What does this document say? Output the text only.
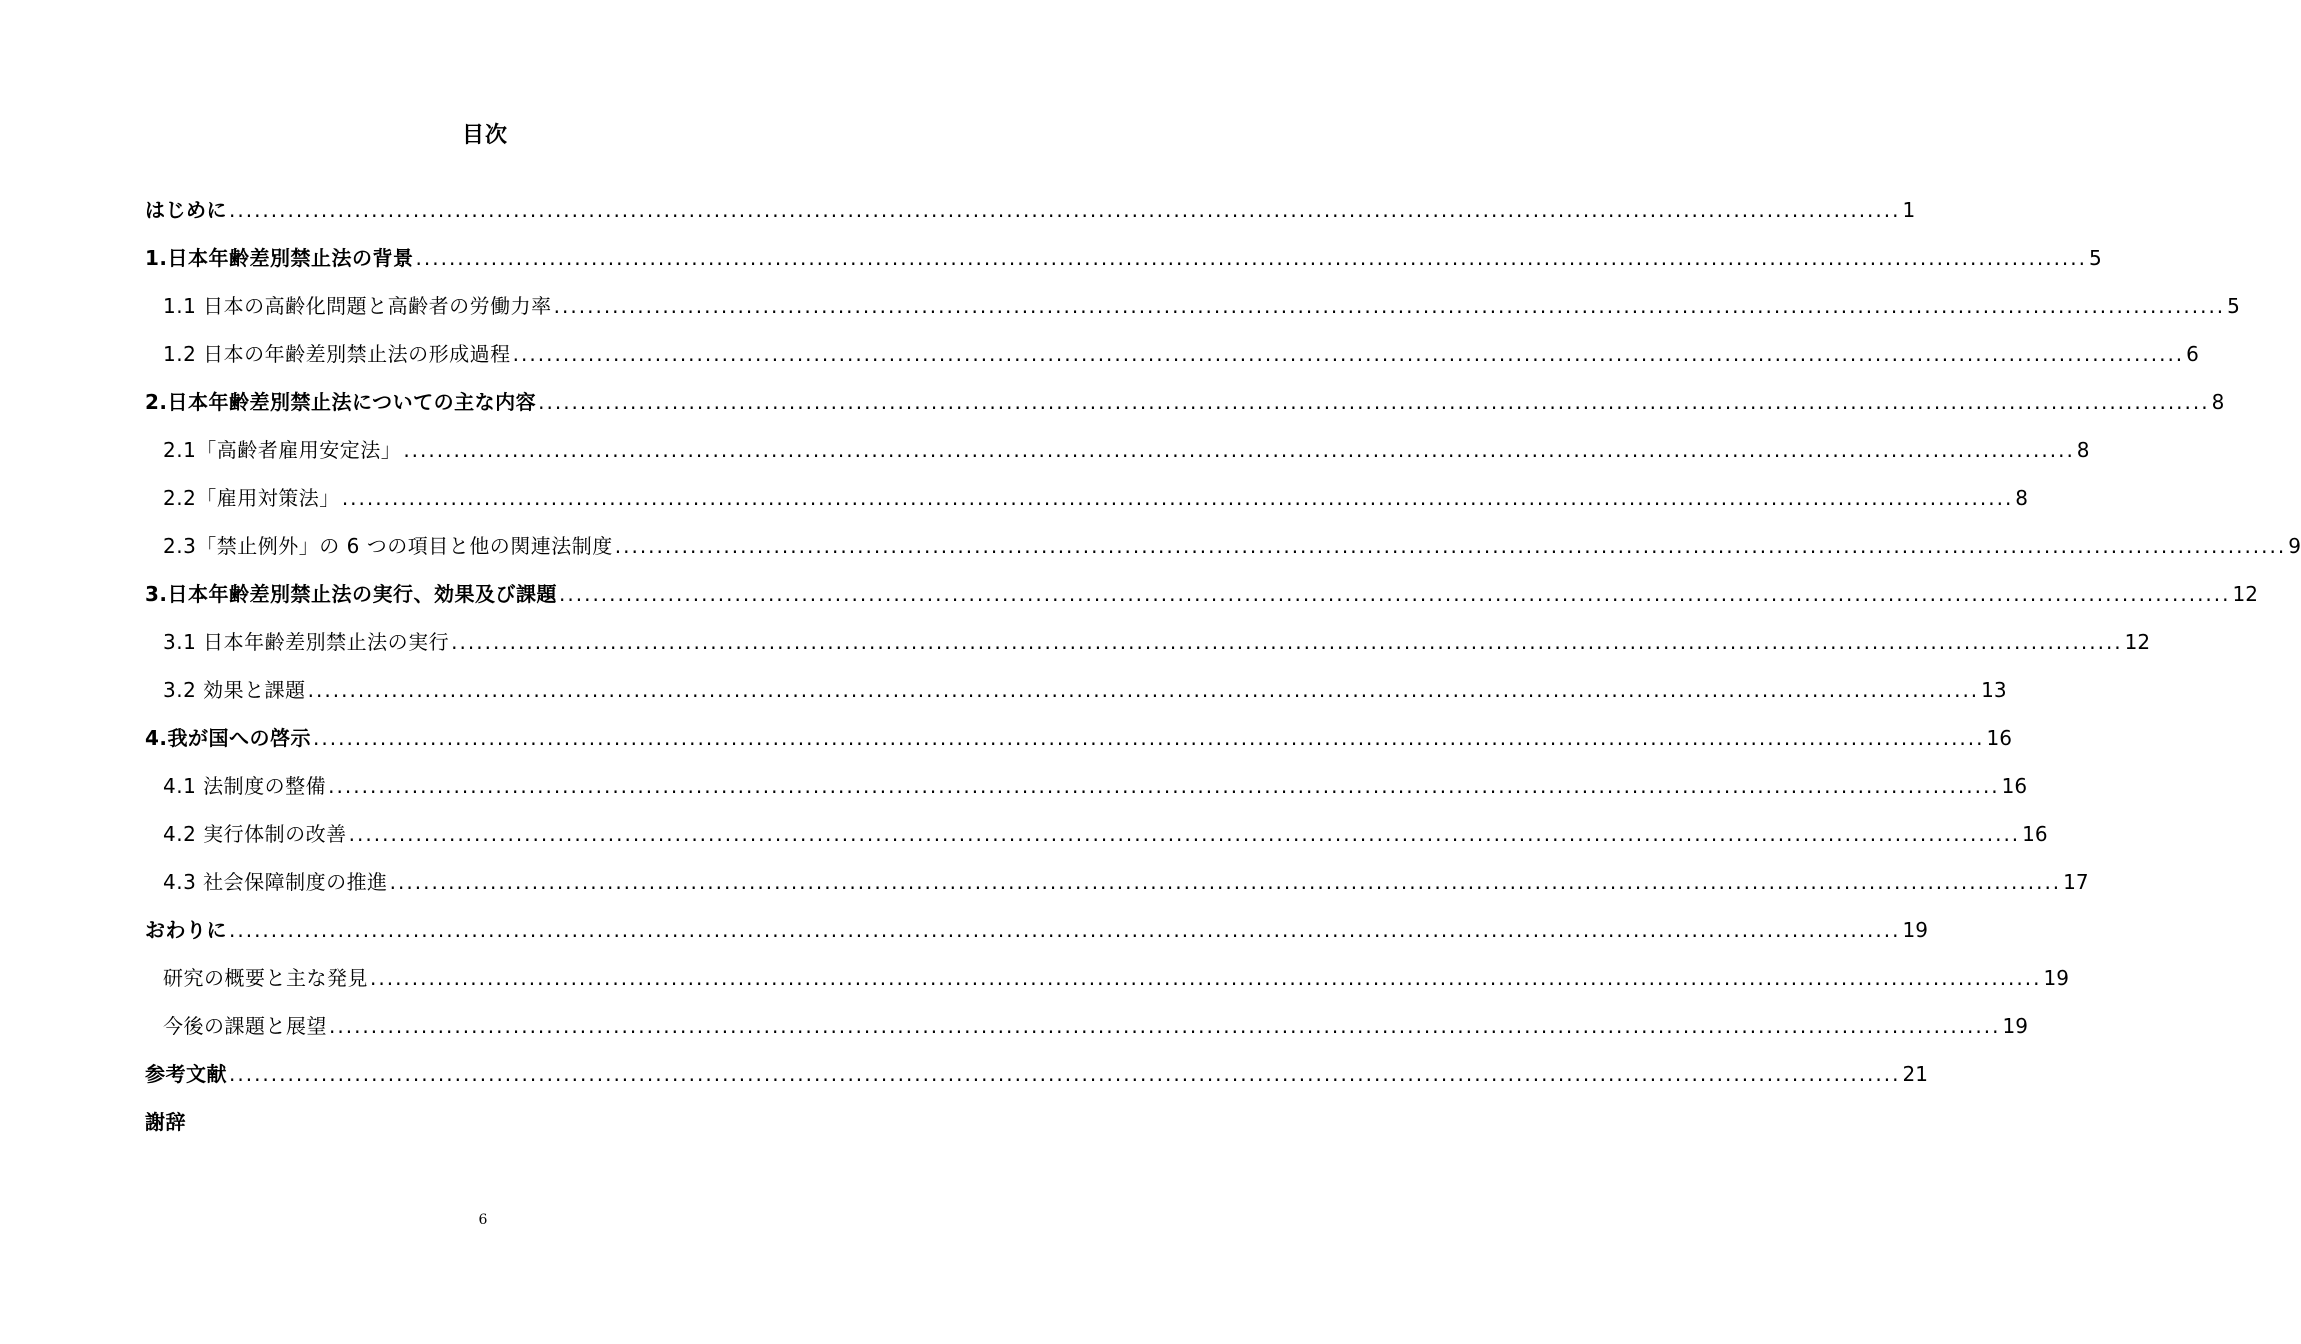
目次
はじめに ........................................................................................................................................................................................................ 1
1.日本年齢差別禁止法の背景 ........................................................................................................................................................................................................ 5
1.1 日本の高齢化問題と高齢者の労働力率 ........................................................................................................................................................................................................ 5
1.2 日本の年齢差別禁止法の形成過程 ........................................................................................................................................................................................................ 6
2.日本年齢差別禁止法についての主な内容 ........................................................................................................................................................................................................ 8
2.1「高齢者雇用安定法」 ........................................................................................................................................................................................................ 8
2.2「雇用対策法」 ........................................................................................................................................................................................................ 8
2.3「禁止例外」の 6 つの項目と他の関連法制度 ........................................................................................................................................................................................................ 9
3.日本年齢差別禁止法の実行、効果及び課題 ........................................................................................................................................................................................................ 12
3.1 日本年齢差別禁止法の実行 ........................................................................................................................................................................................................ 12
3.2 効果と課題 ........................................................................................................................................................................................................ 13
4.我が国への啓示 ........................................................................................................................................................................................................ 16
4.1 法制度の整備 ........................................................................................................................................................................................................ 16
4.2 実行体制の改善 ........................................................................................................................................................................................................ 16
4.3 社会保障制度の推進 ........................................................................................................................................................................................................ 17
おわりに ........................................................................................................................................................................................................ 19
研究の概要と主な発見 ........................................................................................................................................................................................................ 19
今後の課題と展望 ........................................................................................................................................................................................................ 19
参考文献 ........................................................................................................................................................................................................ 21
謝辞
6
